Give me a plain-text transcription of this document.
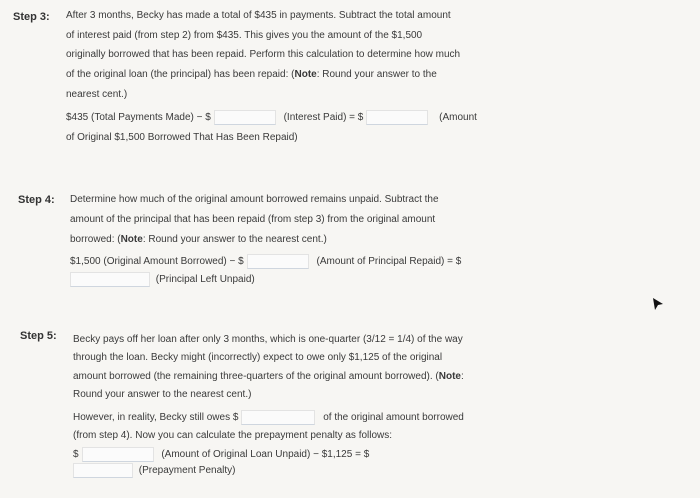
Step 3: After 3 months, Becky has made a total of $435 in payments. Subtract the total amount
of interest paid (from step 2) from $435. This gives you the amount of the $1,500
originally borrowed that has been repaid. Perform this calculation to determine how much
of the original loan (the principal) has been repaid: (Note: Round your answer to the
nearest cent.)
$435 (Total Payments Made) − $	(Interest Paid) = $	(Amount
of Original $1,500 Borrowed That Has Been Repaid)
Step 4: Determine how much of the original amount borrowed remains unpaid. Subtract the
amount of the principal that has been repaid (from step 3) from the original amount
borrowed: (Note: Round your answer to the nearest cent.)
$1,500 (Original Amount Borrowed) − $	(Amount of Principal Repaid) = $
(Principal Left Unpaid)
Step 5: Becky pays off her loan after only 3 months, which is one-quarter (3/12 = 1/4) of the way
through the loan. Becky might (incorrectly) expect to owe only $1,125 of the original
amount borrowed (the remaining three-quarters of the original amount borrowed). (Note:
Round your answer to the nearest cent.)
However, in reality, Becky still owes $	of the original amount borrowed
(from step 4). Now you can calculate the prepayment penalty as follows:
$	(Amount of Original Loan Unpaid) − $1,125 = $
(Prepayment Penalty)
